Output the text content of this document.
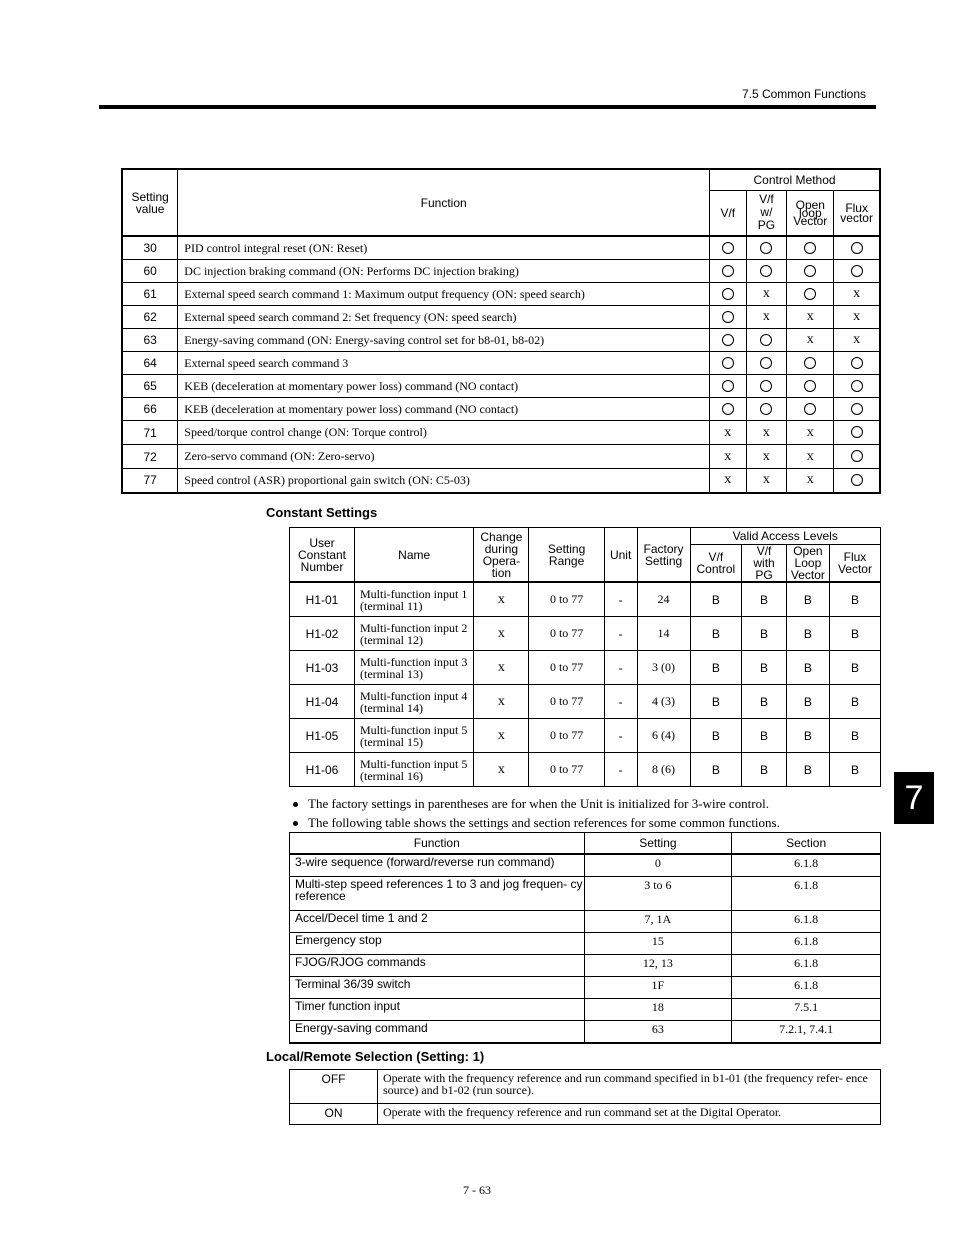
7.5 Common Functions
Setting value	Function	Control Method			
		V/f	V/f w/ PG	Open loop Vector	Flux vector
30	PID control integral reset (ON: Reset)				
60	DC injection braking command (ON: Performs DC injection braking)				
61	External speed search command 1: Maximum output frequency (ON: speed search)		x		x
62	External speed search command 2: Set frequency (ON: speed search)		x	x	x
63	Energy-saving command (ON: Energy-saving control set for b8-01, b8-02)			x	x
64	External speed search command 3				
65	KEB (deceleration at momentary power loss) command (NO contact)				
66	KEB (deceleration at momentary power loss) command (NO contact)				
71	Speed/torque control change (ON: Torque control)	x	x	x	
72	Zero-servo command (ON: Zero-servo)	x	x	x	
77	Speed control (ASR) proportional gain switch (ON: C5-03)	x	x	x	
Constant Settings
User Constant Number	Name	Change during Opera- tion	Setting Range	Unit	Factory Setting	Valid Access Levels			
						V/f Control	V/f with PG	Open Loop Vector	Flux Vector
H1-01	Multi-function input 1 (terminal 11)	x	0 to 77	-	24	B	B	B	B
H1-02	Multi-function input 2 (terminal 12)	x	0 to 77	-	14	B	B	B	B
H1-03	Multi-function input 3 (terminal 13)	x	0 to 77	-	3 (0)	B	B	B	B
H1-04	Multi-function input 4 (terminal 14)	x	0 to 77	-	4 (3)	B	B	B	B
H1-05	Multi-function input 5 (terminal 15)	x	0 to 77	-	6 (4)	B	B	B	B
H1-06	Multi-function input 5 (terminal 16)	x	0 to 77	-	8 (6)	B	B	B	B
The factory settings in parentheses are for when the Unit is initialized for 3-wire control.
The following table shows the settings and section references for some common functions.
Function	Setting	Section
3-wire sequence (forward/reverse run command)	0	6.1.8
Multi-step speed references 1 to 3 and jog frequen- cy reference	3 to 6	6.1.8
Accel/Decel time 1 and 2	7, 1A	6.1.8
Emergency stop	15	6.1.8
FJOG/RJOG commands	12, 13	6.1.8
Terminal 36/39 switch	1F	6.1.8
Timer function input	18	7.5.1
Energy-saving command	63	7.2.1, 7.4.1
Local/Remote Selection (Setting: 1)
OFF	Operate with the frequency reference and run command specified in b1-01 (the frequency refer- ence source) and b1-02 (run source).
ON	Operate with the frequency reference and run command set at the Digital Operator.
7
7 - 63
